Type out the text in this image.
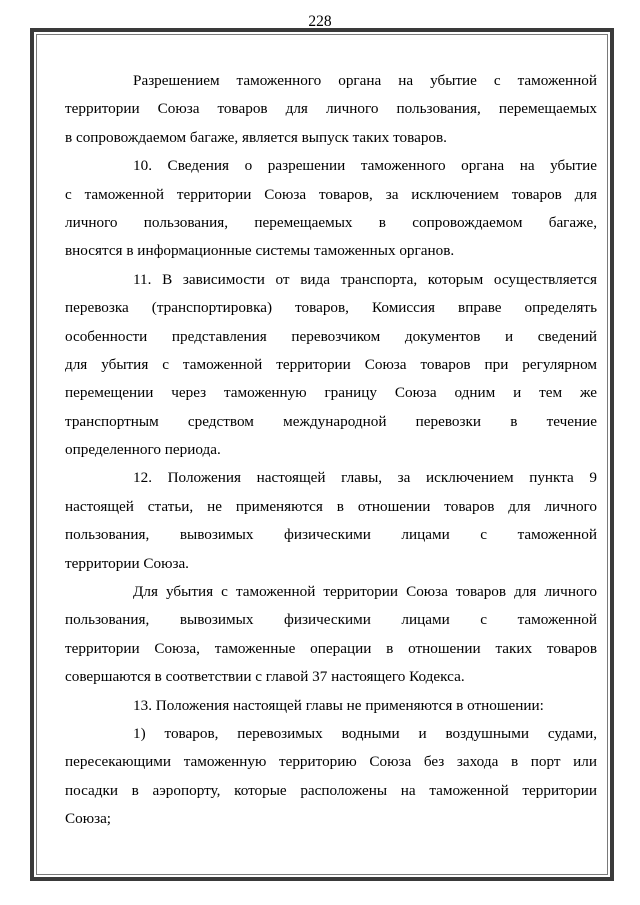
228
Разрешением таможенного органа на убытие с таможенной
территории Союза товаров для личного пользования, перемещаемых
в сопровождаемом багаже, является выпуск таких товаров.
10. Сведения о разрешении таможенного органа на убытие
с таможенной территории Союза товаров, за исключением товаров для
личного пользования, перемещаемых в сопровождаемом багаже,
вносятся в информационные системы таможенных органов.
11. В зависимости от вида транспорта, которым осуществляется
перевозка (транспортировка) товаров, Комиссия вправе определять
особенности представления перевозчиком документов и сведений
для убытия с таможенной территории Союза товаров при регулярном
перемещении через таможенную границу Союза одним и тем же
транспортным средством международной перевозки в течение
определенного периода.
12. Положения настоящей главы, за исключением пункта 9
настоящей статьи, не применяются в отношении товаров для личного
пользования, вывозимых физическими лицами с таможенной
территории Союза.
Для убытия с таможенной территории Союза товаров для личного
пользования, вывозимых физическими лицами с таможенной
территории Союза, таможенные операции в отношении таких товаров
совершаются в соответствии с главой 37 настоящего Кодекса.
13. Положения настоящей главы не применяются в отношении:
1) товаров, перевозимых водными и воздушными судами,
пересекающими таможенную территорию Союза без захода в порт или
посадки в аэропорту, которые расположены на таможенной территории
Союза;
